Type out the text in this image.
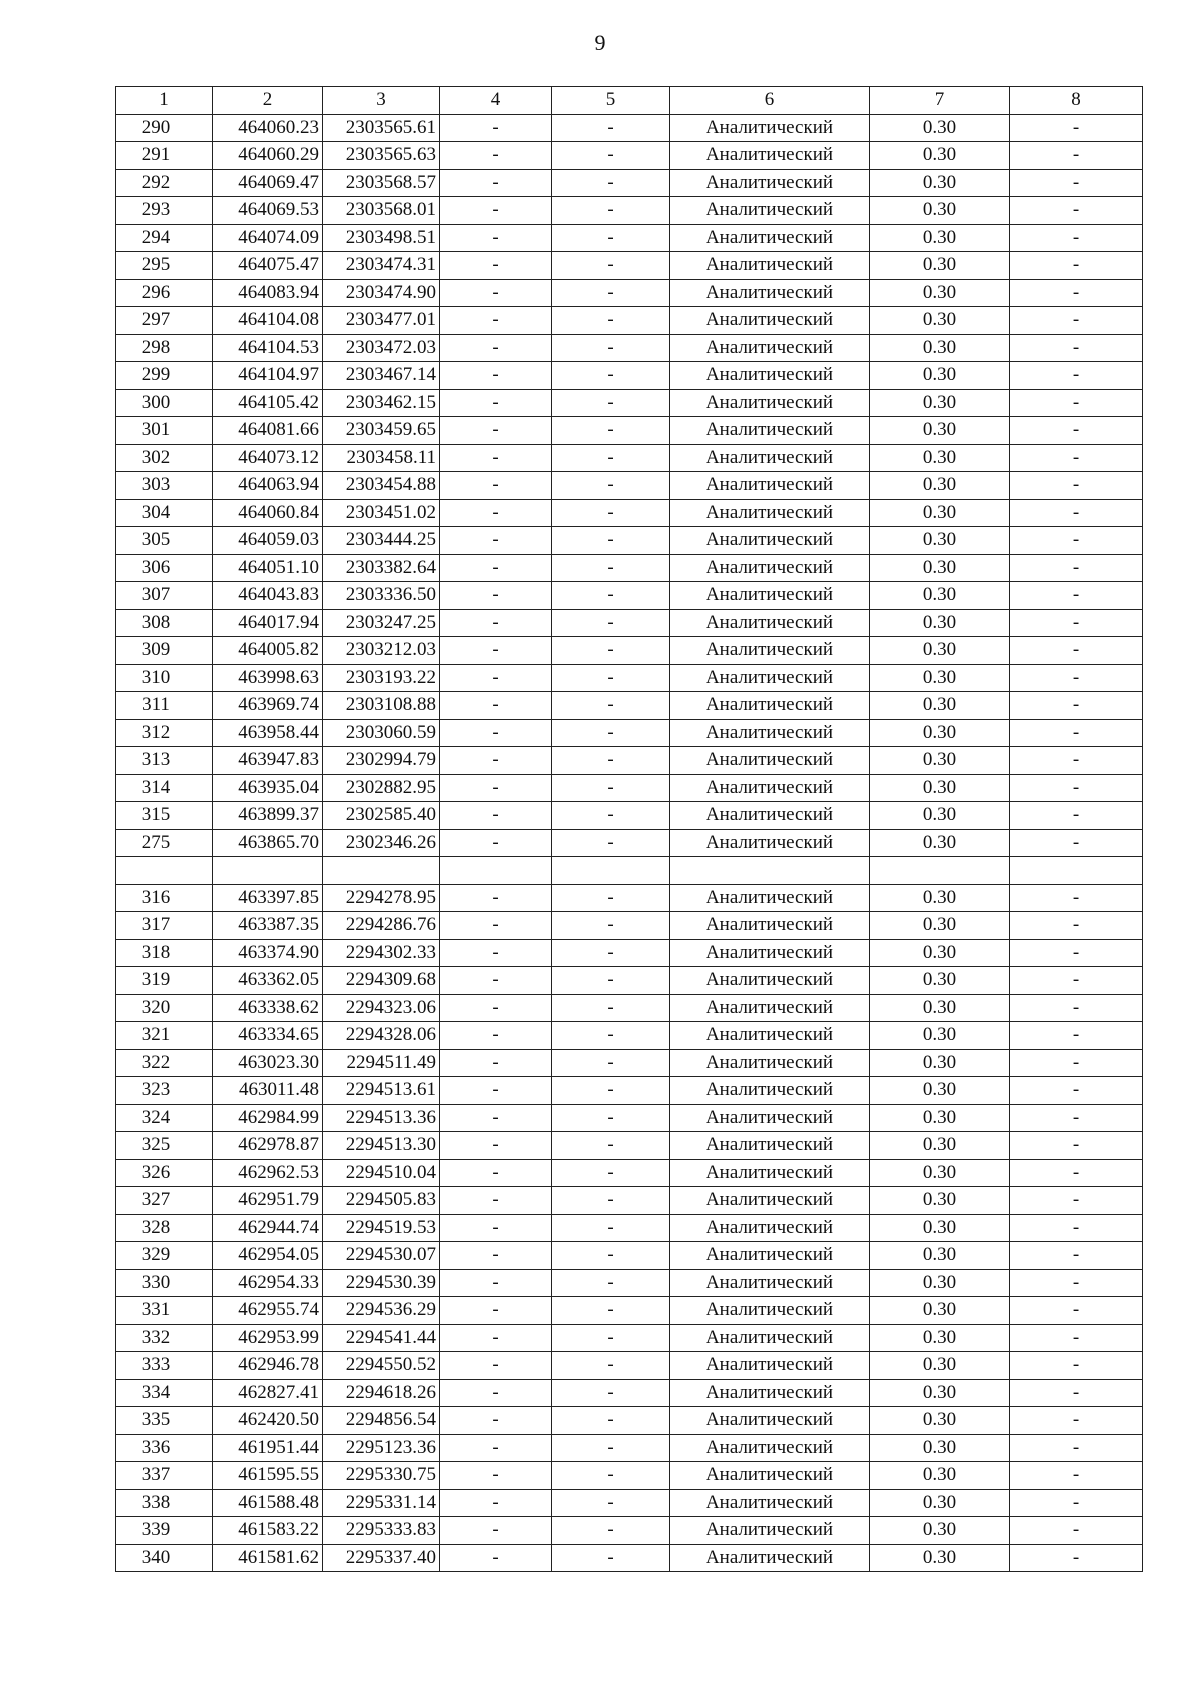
9
1	2	3	4	5	6	7	8
290	464060.23	2303565.61	-	-	Аналитический	0.30	-
291	464060.29	2303565.63	-	-	Аналитический	0.30	-
292	464069.47	2303568.57	-	-	Аналитический	0.30	-
293	464069.53	2303568.01	-	-	Аналитический	0.30	-
294	464074.09	2303498.51	-	-	Аналитический	0.30	-
295	464075.47	2303474.31	-	-	Аналитический	0.30	-
296	464083.94	2303474.90	-	-	Аналитический	0.30	-
297	464104.08	2303477.01	-	-	Аналитический	0.30	-
298	464104.53	2303472.03	-	-	Аналитический	0.30	-
299	464104.97	2303467.14	-	-	Аналитический	0.30	-
300	464105.42	2303462.15	-	-	Аналитический	0.30	-
301	464081.66	2303459.65	-	-	Аналитический	0.30	-
302	464073.12	2303458.11	-	-	Аналитический	0.30	-
303	464063.94	2303454.88	-	-	Аналитический	0.30	-
304	464060.84	2303451.02	-	-	Аналитический	0.30	-
305	464059.03	2303444.25	-	-	Аналитический	0.30	-
306	464051.10	2303382.64	-	-	Аналитический	0.30	-
307	464043.83	2303336.50	-	-	Аналитический	0.30	-
308	464017.94	2303247.25	-	-	Аналитический	0.30	-
309	464005.82	2303212.03	-	-	Аналитический	0.30	-
310	463998.63	2303193.22	-	-	Аналитический	0.30	-
311	463969.74	2303108.88	-	-	Аналитический	0.30	-
312	463958.44	2303060.59	-	-	Аналитический	0.30	-
313	463947.83	2302994.79	-	-	Аналитический	0.30	-
314	463935.04	2302882.95	-	-	Аналитический	0.30	-
315	463899.37	2302585.40	-	-	Аналитический	0.30	-
275	463865.70	2302346.26	-	-	Аналитический	0.30	-

316	463397.85	2294278.95	-	-	Аналитический	0.30	-
317	463387.35	2294286.76	-	-	Аналитический	0.30	-
318	463374.90	2294302.33	-	-	Аналитический	0.30	-
319	463362.05	2294309.68	-	-	Аналитический	0.30	-
320	463338.62	2294323.06	-	-	Аналитический	0.30	-
321	463334.65	2294328.06	-	-	Аналитический	0.30	-
322	463023.30	2294511.49	-	-	Аналитический	0.30	-
323	463011.48	2294513.61	-	-	Аналитический	0.30	-
324	462984.99	2294513.36	-	-	Аналитический	0.30	-
325	462978.87	2294513.30	-	-	Аналитический	0.30	-
326	462962.53	2294510.04	-	-	Аналитический	0.30	-
327	462951.79	2294505.83	-	-	Аналитический	0.30	-
328	462944.74	2294519.53	-	-	Аналитический	0.30	-
329	462954.05	2294530.07	-	-	Аналитический	0.30	-
330	462954.33	2294530.39	-	-	Аналитический	0.30	-
331	462955.74	2294536.29	-	-	Аналитический	0.30	-
332	462953.99	2294541.44	-	-	Аналитический	0.30	-
333	462946.78	2294550.52	-	-	Аналитический	0.30	-
334	462827.41	2294618.26	-	-	Аналитический	0.30	-
335	462420.50	2294856.54	-	-	Аналитический	0.30	-
336	461951.44	2295123.36	-	-	Аналитический	0.30	-
337	461595.55	2295330.75	-	-	Аналитический	0.30	-
338	461588.48	2295331.14	-	-	Аналитический	0.30	-
339	461583.22	2295333.83	-	-	Аналитический	0.30	-
340	461581.62	2295337.40	-	-	Аналитический	0.30	-
